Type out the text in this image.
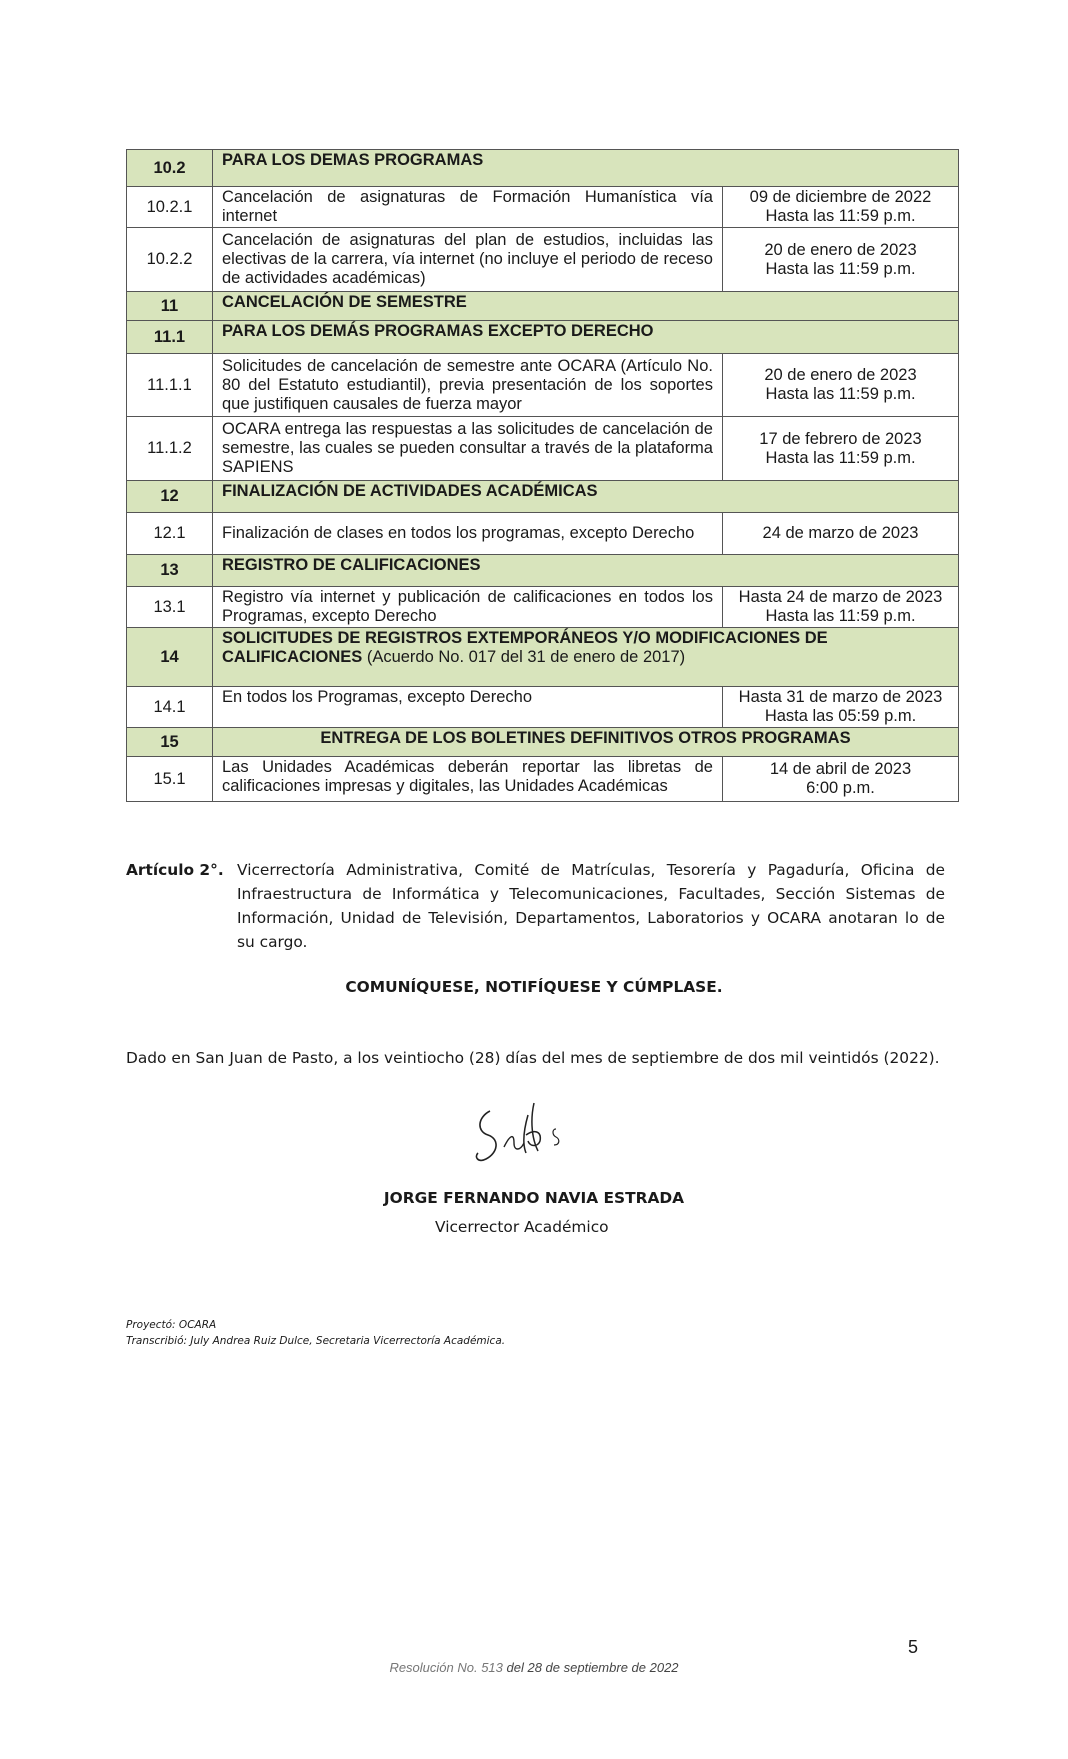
10.2	PARA LOS DEMAS PROGRAMAS	
10.2.1	Cancelación de asignaturas de Formación Humanística vía internet	09 de diciembre de 2022
Hasta las 11:59 p.m.
10.2.2	Cancelación de asignaturas del plan de estudios, incluidas las electivas de la carrera, vía internet (no incluye el periodo de receso de actividades académicas)	20 de enero de 2023
Hasta las 11:59 p.m.
11	CANCELACIÓN DE SEMESTRE	
11.1	PARA LOS DEMÁS PROGRAMAS EXCEPTO DERECHO	
11.1.1	Solicitudes de cancelación de semestre ante OCARA (Artículo No. 80 del Estatuto estudiantil), previa presentación de los soportes que justifiquen causales de fuerza mayor	20 de enero de 2023
Hasta las 11:59 p.m.
11.1.2	OCARA entrega las respuestas a las solicitudes de cancelación de semestre, las cuales se pueden consultar a través de la plataforma SAPIENS	17 de febrero de 2023
Hasta las 11:59 p.m.
12	FINALIZACIÓN DE ACTIVIDADES ACADÉMICAS	
12.1	Finalización de clases en todos los programas, excepto Derecho	24 de marzo de 2023
13	REGISTRO DE CALIFICACIONES	
13.1	Registro vía internet y publicación de calificaciones en todos los Programas, excepto Derecho	Hasta 24 de marzo de 2023
Hasta las 11:59 p.m.
14	SOLICITUDES DE REGISTROS EXTEMPORÁNEOS Y/O MODIFICACIONES DE CALIFICACIONES (Acuerdo No. 017 del 31 de enero de 2017)	
14.1	En todos los Programas, excepto Derecho	Hasta 31 de marzo de 2023
Hasta las 05:59 p.m.
15	ENTREGA DE LOS BOLETINES DEFINITIVOS OTROS PROGRAMAS	
15.1	Las Unidades Académicas deberán reportar las libretas de calificaciones impresas y digitales, las Unidades Académicas	14 de abril de 2023
6:00 p.m.
Artículo 2°. Vicerrectoría Administrativa, Comité de Matrículas, Tesorería y Pagaduría, Oficina de Infraestructura de Informática y Telecomunicaciones, Facultades, Sección Sistemas de Información, Unidad de Televisión, Departamentos, Laboratorios y OCARA anotaran lo de su cargo.
COMUNÍQUESE, NOTIFÍQUESE Y CÚMPLASE.
Dado en San Juan de Pasto, a los veintiocho (28) días del mes de septiembre de dos mil veintidós (2022).
JORGE FERNANDO NAVIA ESTRADA
Vicerrector Académico
Proyectó: OCARA
Transcribió: July Andrea Ruiz Dulce, Secretaria Vicerrectoría Académica.
5
Resolución No. 513 del 28 de septiembre de 2022
